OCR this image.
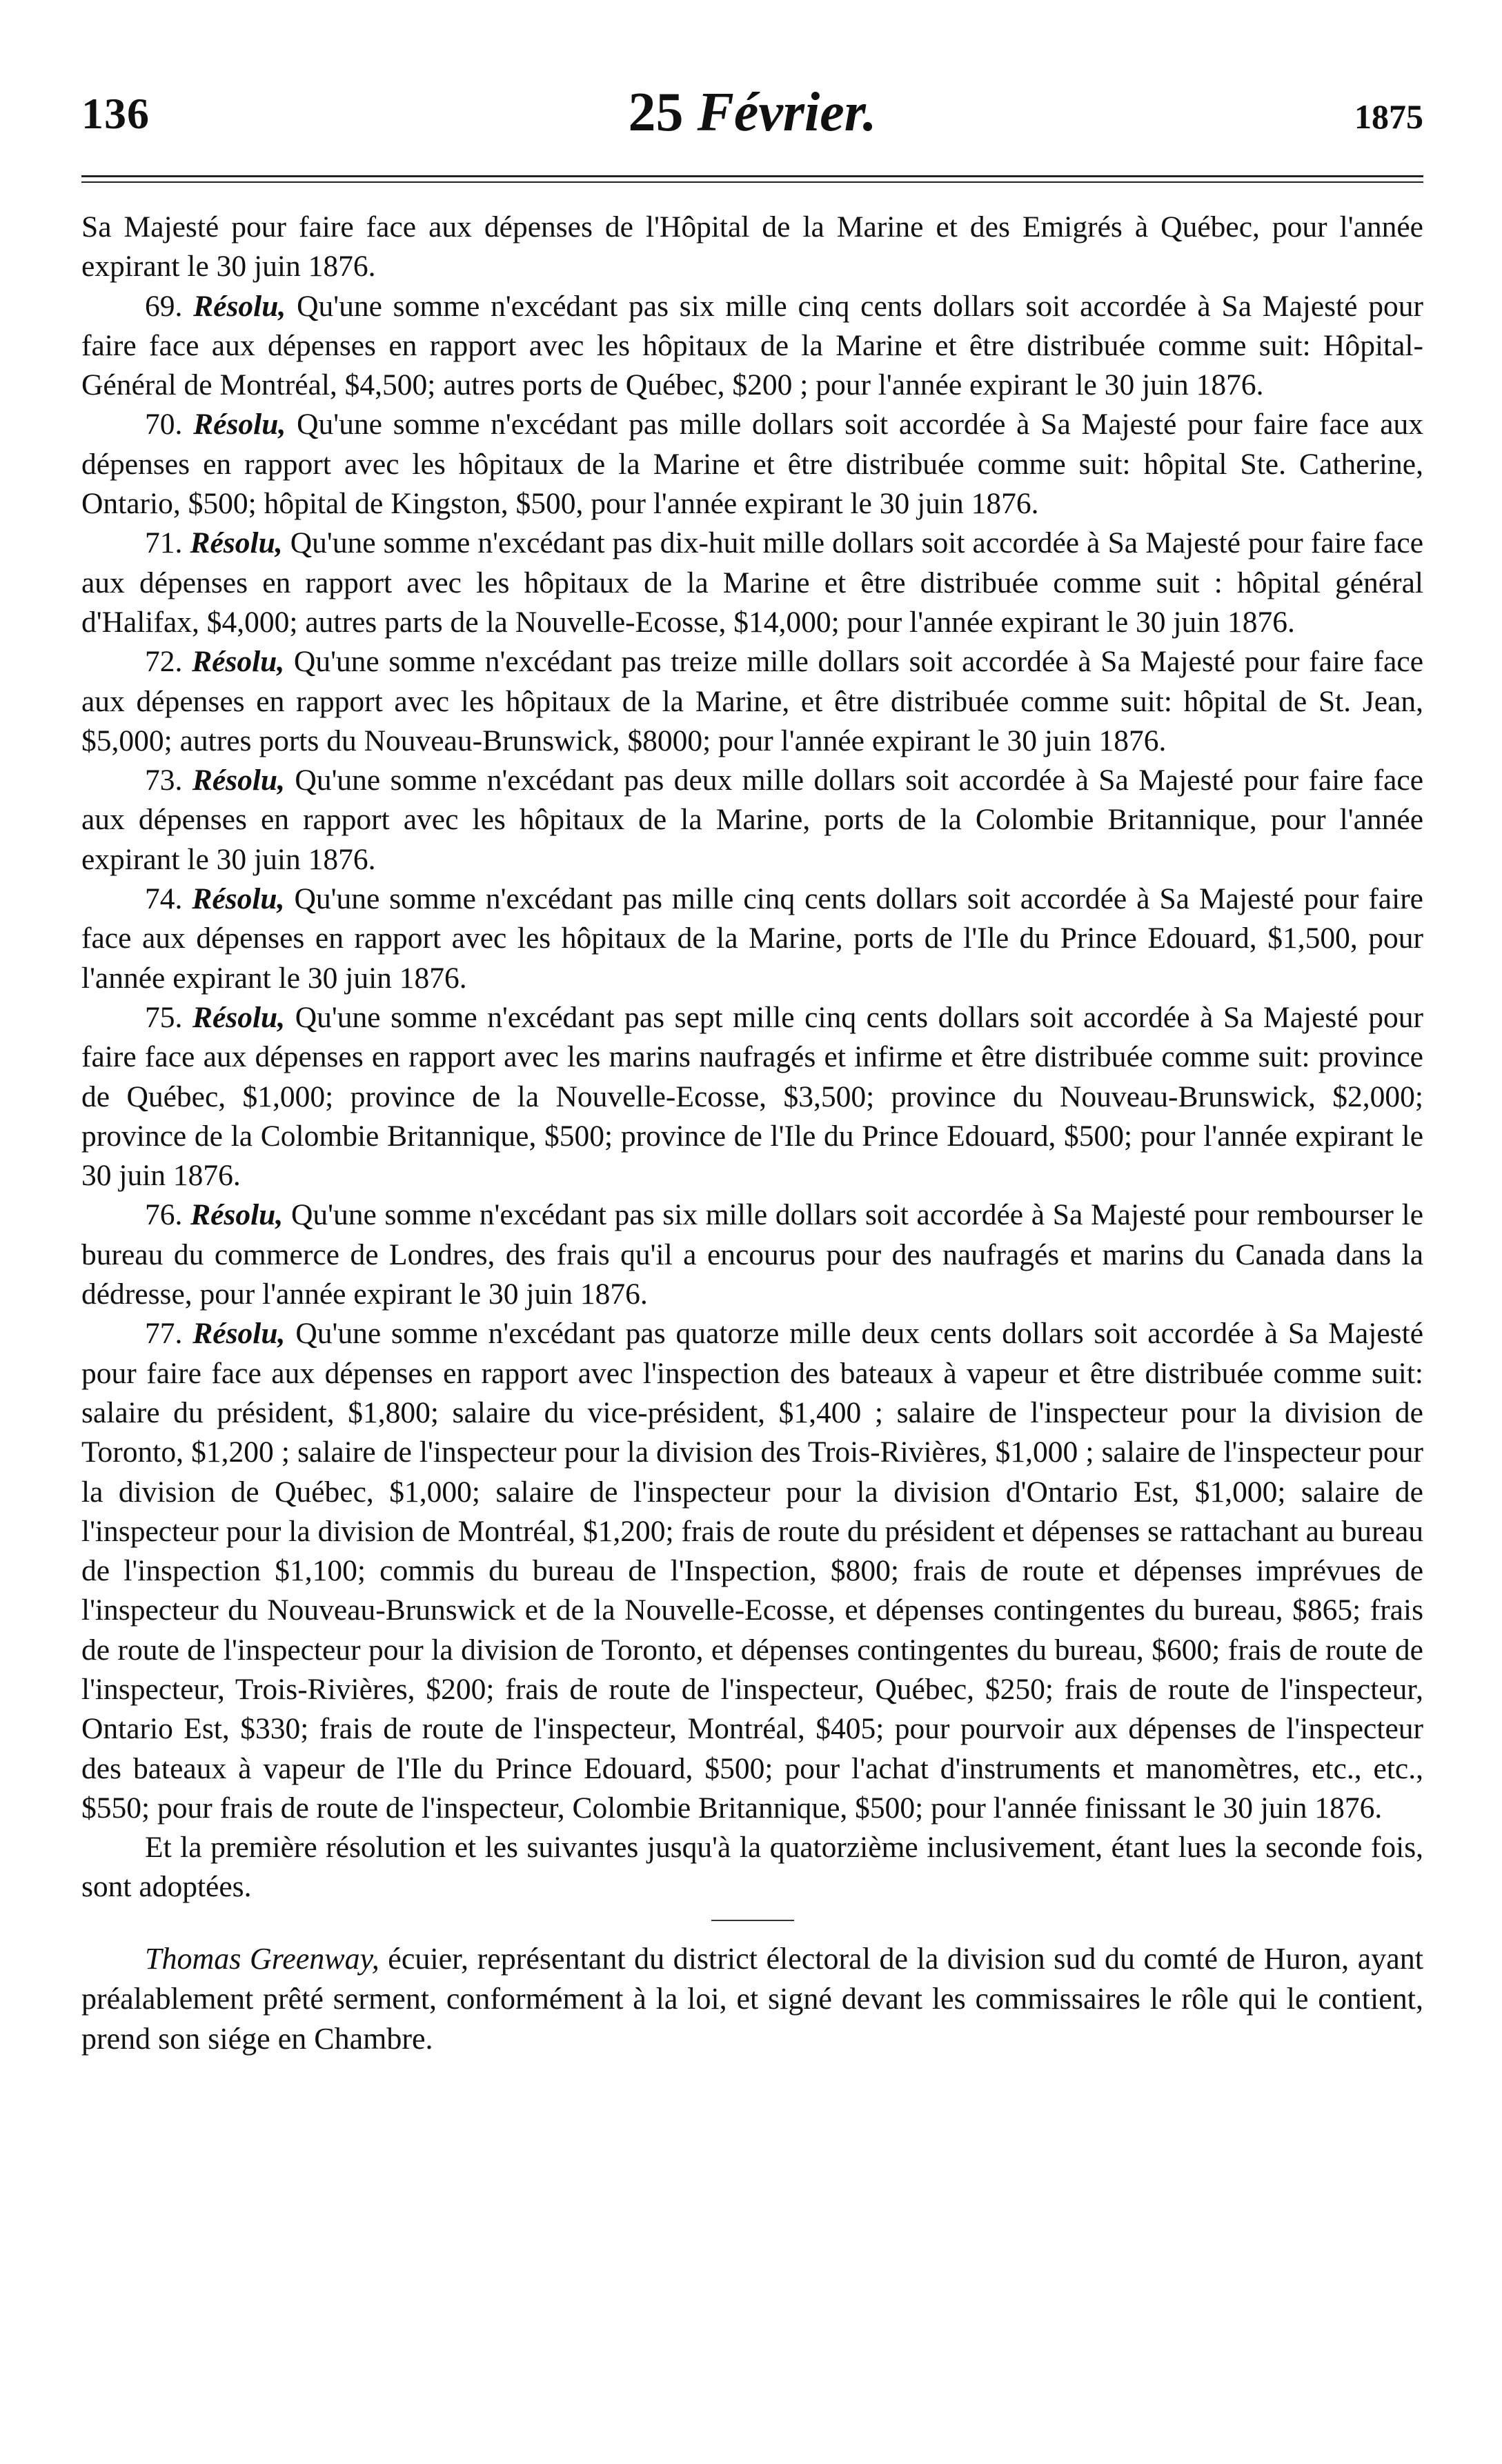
136	25 Février.	1875

Sa Majesté pour faire face aux dépenses de l'Hôpital de la Marine et des Emigrés à Québec, pour l'année expirant le 30 juin 1876.

69. Résolu, Qu'une somme n'excédant pas six mille cinq cents dollars soit accordée à Sa Majesté pour faire face aux dépenses en rapport avec les hôpitaux de la Marine et être distribuée comme suit: Hôpital-Général de Montréal, $4,500; autres ports de Québec, $200 ; pour l'année expirant le 30 juin 1876.

70. Résolu, Qu'une somme n'excédant pas mille dollars soit accordée à Sa Majesté pour faire face aux dépenses en rapport avec les hôpitaux de la Marine et être distribuée comme suit: hôpital Ste. Catherine, Ontario, $500; hôpital de Kingston, $500, pour l'année expirant le 30 juin 1876.

71. Résolu, Qu'une somme n'excédant pas dix-huit mille dollars soit accordée à Sa Majesté pour faire face aux dépenses en rapport avec les hôpitaux de la Marine et être distribuée comme suit : hôpital général d'Halifax, $4,000; autres parts de la Nouvelle-Ecosse, $14,000; pour l'année expirant le 30 juin 1876.

72. Résolu, Qu'une somme n'excédant pas treize mille dollars soit accordée à Sa Majesté pour faire face aux dépenses en rapport avec les hôpitaux de la Marine, et être distribuée comme suit: hôpital de St. Jean, $5,000; autres ports du Nouveau-Brunswick, $8000; pour l'année expirant le 30 juin 1876.

73. Résolu, Qu'une somme n'excédant pas deux mille dollars soit accordée à Sa Majesté pour faire face aux dépenses en rapport avec les hôpitaux de la Marine, ports de la Colombie Britannique, pour l'année expirant le 30 juin 1876.

74. Résolu, Qu'une somme n'excédant pas mille cinq cents dollars soit accordée à Sa Majesté pour faire face aux dépenses en rapport avec les hôpitaux de la Marine, ports de l'Ile du Prince Edouard, $1,500, pour l'année expirant le 30 juin 1876.

75. Résolu, Qu'une somme n'excédant pas sept mille cinq cents dollars soit accordée à Sa Majesté pour faire face aux dépenses en rapport avec les marins naufragés et infirme et être distribuée comme suit: province de Québec, $1,000; province de la Nouvelle-Ecosse, $3,500; province du Nouveau-Brunswick, $2,000; province de la Colombie Britannique, $500; province de l'Ile du Prince Edouard, $500; pour l'année expirant le 30 juin 1876.

76. Résolu, Qu'une somme n'excédant pas six mille dollars soit accordée à Sa Majesté pour rembourser le bureau du commerce de Londres, des frais qu'il a encourus pour des naufragés et marins du Canada dans la dédresse, pour l'année expirant le 30 juin 1876.

77. Résolu, Qu'une somme n'excédant pas quatorze mille deux cents dollars soit accordée à Sa Majesté pour faire face aux dépenses en rapport avec l'inspection des bateaux à vapeur et être distribuée comme suit: salaire du président, $1,800; salaire du vice-président, $1,400 ; salaire de l'inspecteur pour la division de Toronto, $1,200 ; salaire de l'inspecteur pour la division des Trois-Rivières, $1,000 ; salaire de l'inspecteur pour la division de Québec, $1,000; salaire de l'inspecteur pour la division d'Ontario Est, $1,000; salaire de l'inspecteur pour la division de Montréal, $1,200; frais de route du président et dépenses se rattachant au bureau de l'inspection $1,100; commis du bureau de l'Inspection, $800; frais de route et dépenses imprévues de l'inspecteur du Nouveau-Brunswick et de la Nouvelle-Ecosse, et dépenses contingentes du bureau, $865; frais de route de l'inspecteur pour la division de Toronto, et dépenses contingentes du bureau, $600; frais de route de l'inspecteur, Trois-Rivières, $200; frais de route de l'inspecteur, Québec, $250; frais de route de l'inspecteur, Ontario Est, $330; frais de route de l'inspecteur, Montréal, $405; pour pourvoir aux dépenses de l'inspecteur des bateaux à vapeur de l'Ile du Prince Edouard, $500; pour l'achat d'instruments et manomètres, etc., etc., $550; pour frais de route de l'inspecteur, Colombie Britannique, $500; pour l'année finissant le 30 juin 1876.

Et la première résolution et les suivantes jusqu'à la quatorzième inclusivement, étant lues la seconde fois, sont adoptées.

Thomas Greenway, écuier, représentant du district électoral de la division sud du comté de Huron, ayant préalablement prêté serment, conformément à la loi, et signé devant les commissaires le rôle qui le contient, prend son siége en Chambre.
